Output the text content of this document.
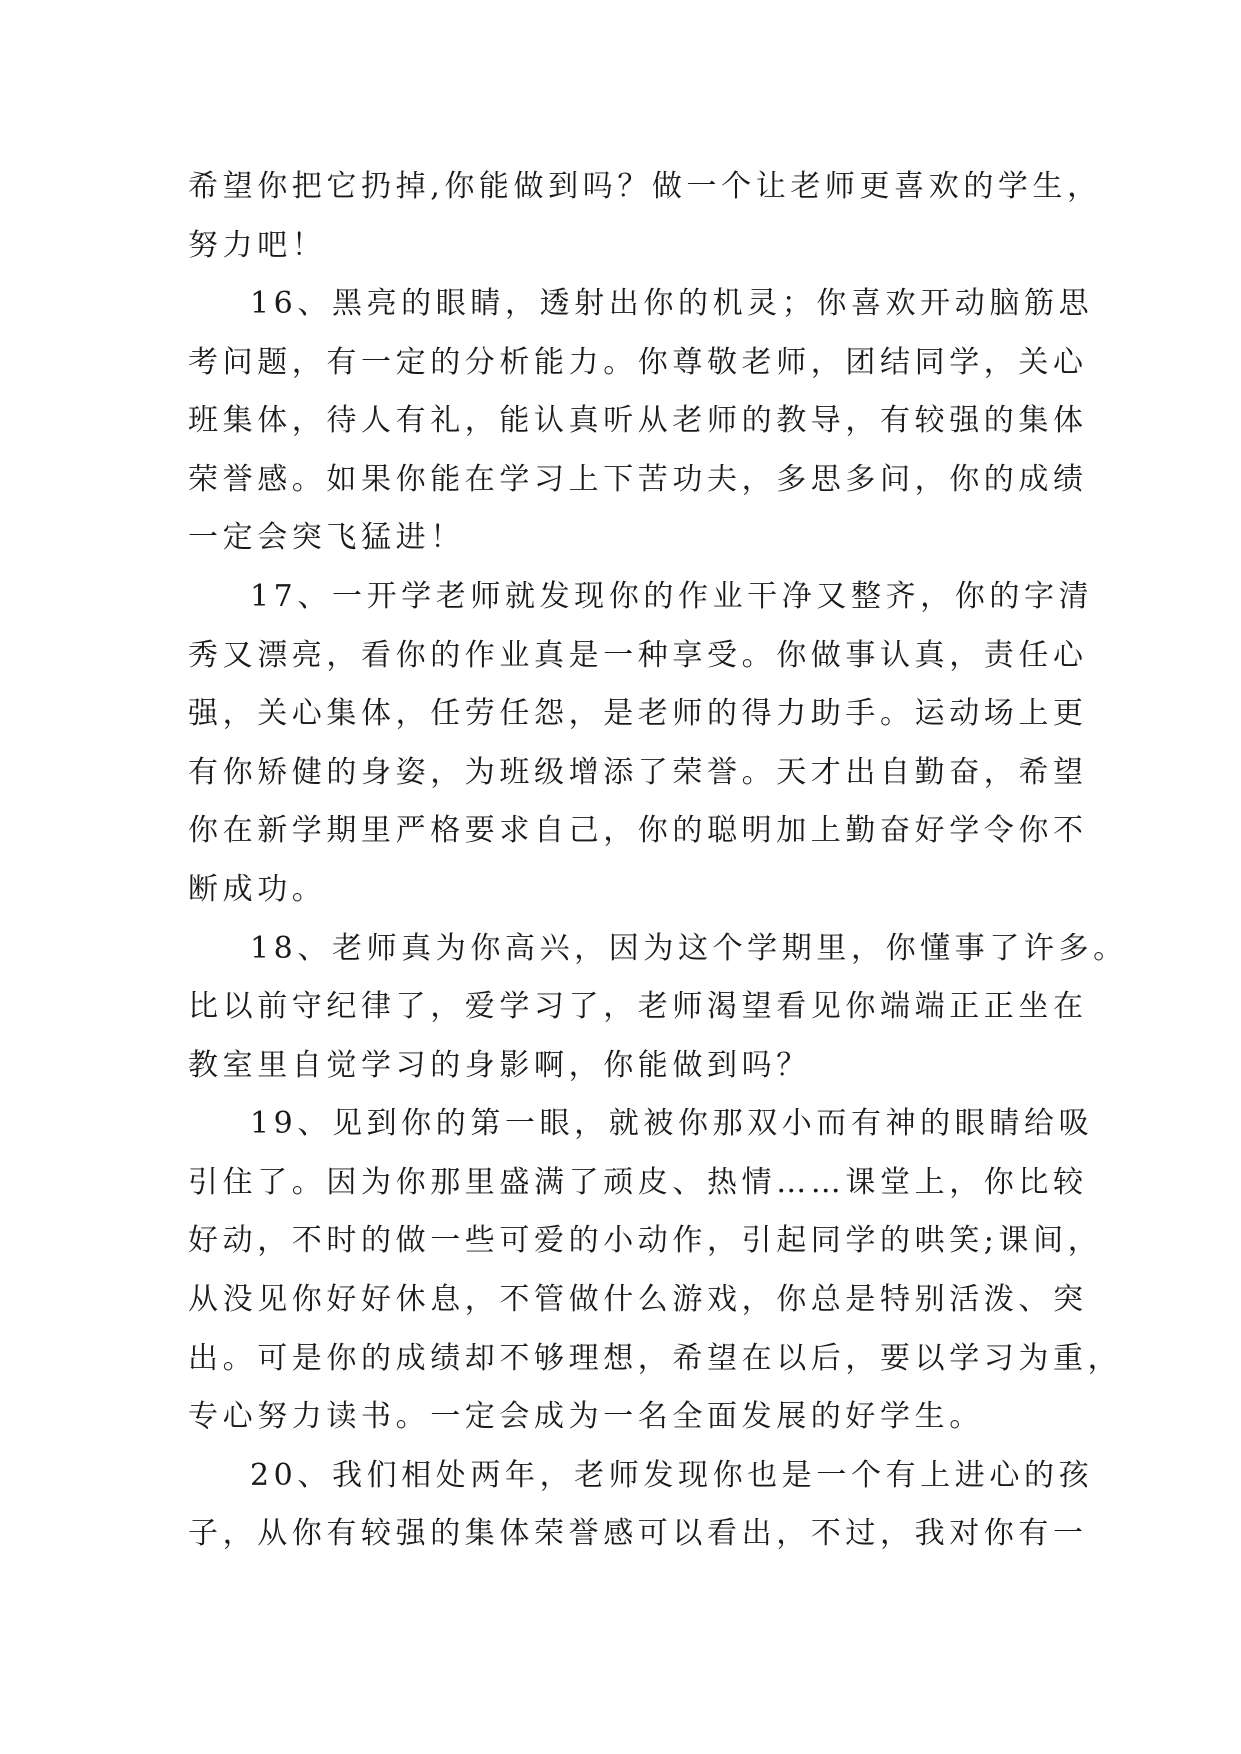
希望你把它扔掉,你能做到吗？做一个让老师更喜欢的学生，
努力吧！
16、黑亮的眼睛，透射出你的机灵；你喜欢开动脑筋思
考问题，有一定的分析能力。你尊敬老师，团结同学，关心
班集体，待人有礼，能认真听从老师的教导，有较强的集体
荣誉感。如果你能在学习上下苦功夫，多思多问，你的成绩
一定会突飞猛进！
17、一开学老师就发现你的作业干净又整齐，你的字清
秀又漂亮，看你的作业真是一种享受。你做事认真，责任心
强，关心集体，任劳任怨，是老师的得力助手。运动场上更
有你矫健的身姿，为班级增添了荣誉。天才出自勤奋，希望
你在新学期里严格要求自己，你的聪明加上勤奋好学令你不
断成功。
18、老师真为你高兴，因为这个学期里，你懂事了许多。
比以前守纪律了，爱学习了，老师渴望看见你端端正正坐在
教室里自觉学习的身影啊，你能做到吗？
19、见到你的第一眼，就被你那双小而有神的眼睛给吸
引住了。因为你那里盛满了顽皮、热情……课堂上，你比较
好动，不时的做一些可爱的小动作，引起同学的哄笑;课间，
从没见你好好休息，不管做什么游戏，你总是特别活泼、突
出。可是你的成绩却不够理想，希望在以后，要以学习为重，
专心努力读书。一定会成为一名全面发展的好学生。
20、我们相处两年，老师发现你也是一个有上进心的孩
子，从你有较强的集体荣誉感可以看出，不过，我对你有一
